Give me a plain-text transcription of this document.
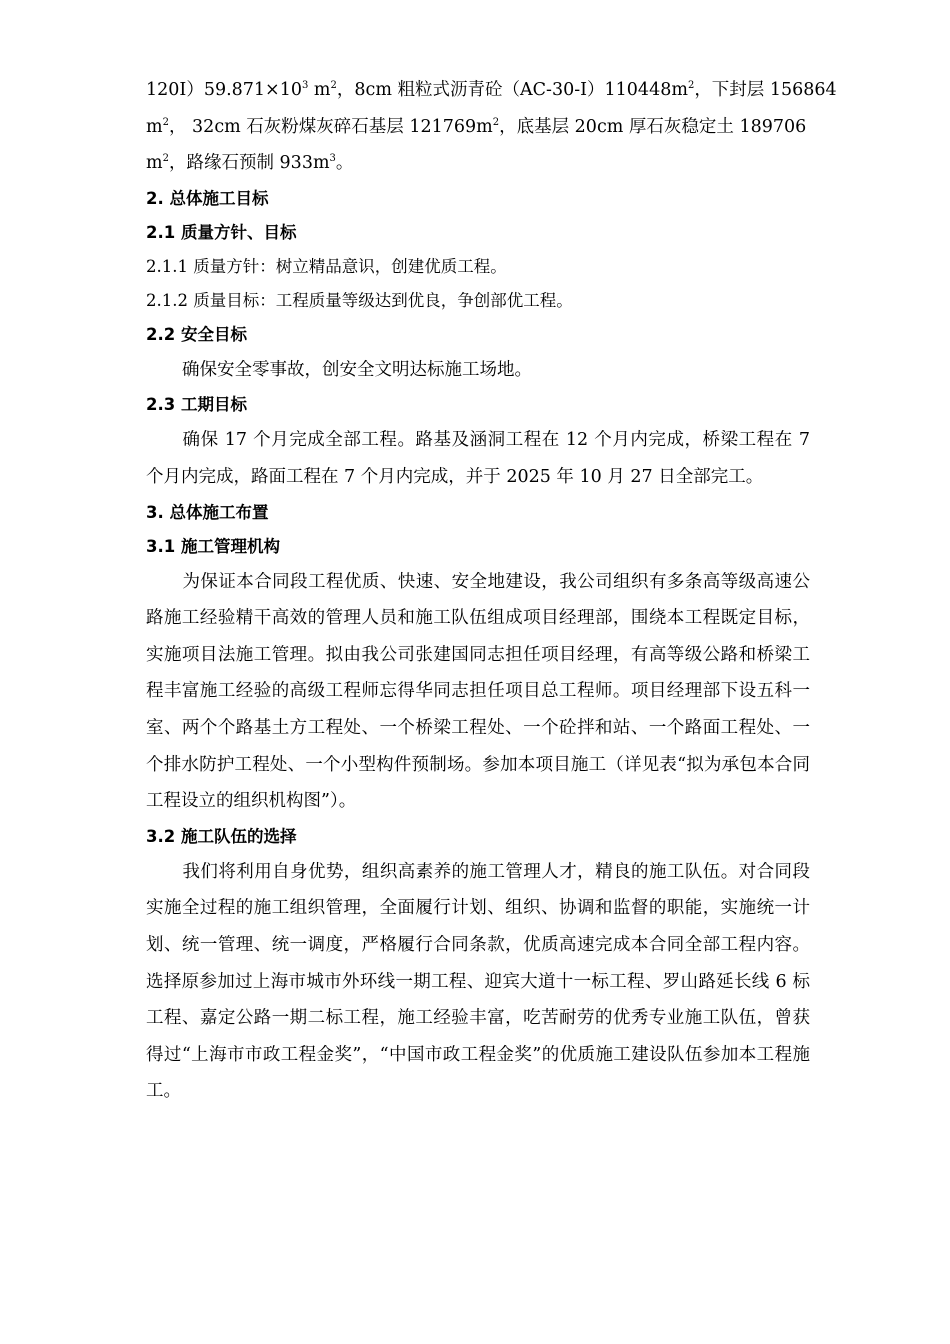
$120I)59.871\times 10^3$ $m^2$，8cm 粗粒式沥青砼$(AC-30-I)110448m^2$，下封层 156864

$m^2$， 32cm 石灰粉煤灰碎石基层 $121769m^2$，底基层 20cm 厚石灰稳定土 189706

$m^2$，路缘石预制 $933m^3$。

2. 总体施工目标
2.1 质量方针、目标

2.1.1 质量方针：树立精品意识，创建优质工程。

2.1.2 质量目标：工程质量等级达到优良，争创部优工程。

2.2 安全目标

确保安全零事故，创安全文明达标施工场地。

2.3 工期目标

确保 17 个月完成全部工程。路基及涵洞工程在 12 个月内完成，桥梁工程在 7 个月内完成，路面工程在 7 个月内完成，并于 2025 年 10 月 27 日全部完工。

3. 总体施工布置
3.1 施工管理机构

为保证本合同段工程优质、快速、安全地建设，我公司组织有多条高等级高速公路施工经验精干高效的管理人员和施工队伍组成项目经理部，围绕本工程既定目标，实施项目法施工管理。拟由我公司张建国同志担任项目经理，有高等级公路和桥梁工程丰富施工经验的高级工程师忘得华同志担任项目总工程师。项目经理部下设五科一室、两个个路基土方工程处、一个桥梁工程处、一个砼拌和站、一个路面工程处、一个排水防护工程处、一个小型构件预制场。参加本项目施工（详见表“拟为承包本合同工程设立的组织机构图”）。

3.2 施工队伍的选择

我们将利用自身优势，组织高素养的施工管理人才，精良的施工队伍。对合同段实施全过程的施工组织管理，全面履行计划、组织、协调和监督的职能，实施统一计划、统一管理、统一调度，严格履行合同条款，优质高速完成本合同全部工程内容。选择原参加过上海市城市外环线一期工程、迎宾大道十一标工程、罗山路延长线 6 标工程、嘉定公路一期二标工程，施工经验丰富，吃苦耐劳的优秀专业施工队伍，曾获得过“上海市市政工程金奖”，“中国市政工程金奖”的优质施工建设队伍参加本工程施工。
